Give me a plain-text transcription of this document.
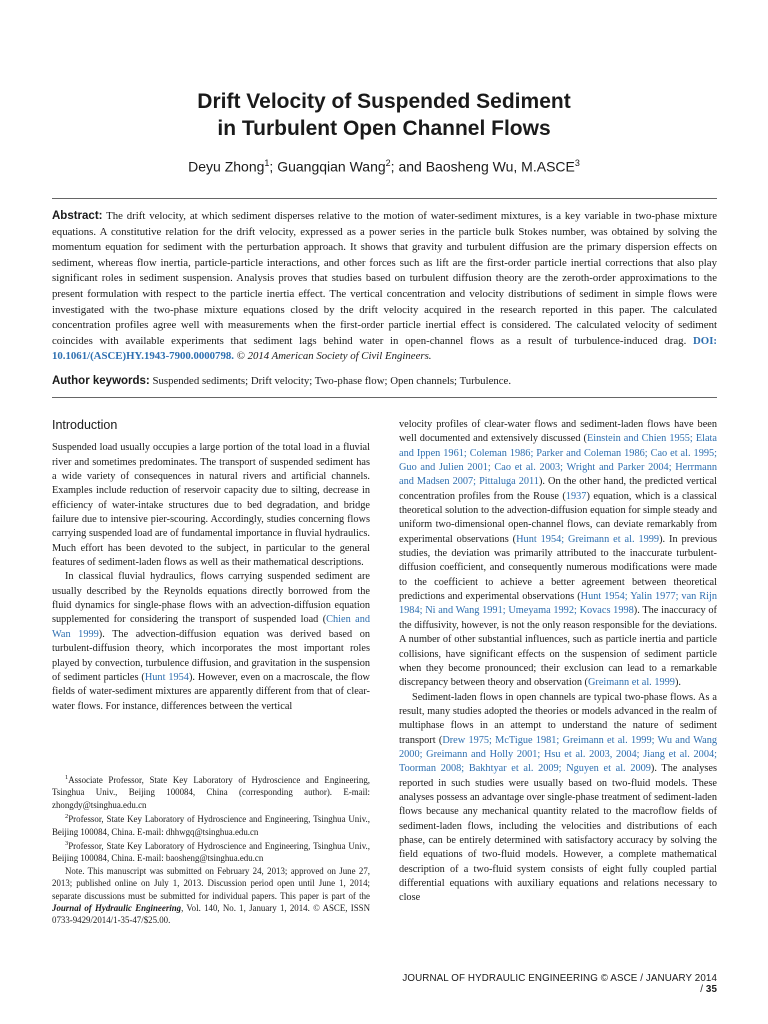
Drift Velocity of Suspended Sediment
in Turbulent Open Channel Flows
Deyu Zhong$^1$; Guangqian Wang$^2$; and Baosheng Wu, M.ASCE$^3$
Abstract: The drift velocity, at which sediment disperses relative to the motion of water-sediment mixtures, is a key variable in two-phase mixture equations. A constitutive relation for the drift velocity, expressed as a power series in the particle bulk Stokes number, was obtained by solving the momentum equation for sediment with the perturbation approach. It shows that gravity and turbulent diffusion are the primary dispersion effects on sediment, whereas flow inertia, particle-particle interactions, and other forces such as lift are the first-order particle inertial corrections that also play significant roles in sediment suspension. Analysis proves that studies based on turbulent diffusion theory are the zeroth-order approximations to the present formulation with respect to the particle inertia effect. The vertical concentration and velocity distributions of sediment in simple flows were investigated with the two-phase mixture equations closed by the drift velocity acquired in the research reported in this paper. The calculated concentration profiles agree well with measurements when the first-order particle inertial effect is considered. The calculated velocity of sediment coincides with available experiments that sediment lags behind water in open-channel flows as a result of turbulence-induced drag. DOI: 10.1061/(ASCE)HY.1943-7900.0000798. © 2014 American Society of Civil Engineers.
Author keywords: Suspended sediments; Drift velocity; Two-phase flow; Open channels; Turbulence.
Introduction

Suspended load usually occupies a large portion of the total load in a fluvial river and sometimes predominates. The transport of suspended sediment has a wide variety of consequences in natural rivers and artificial channels. Examples include reduction of reservoir capacity due to silting, decrease in efficiency of water-intake structures due to bed degradation, and bridge failure due to intensive pier-scouring. Accordingly, studies concerning flows carrying suspended load are of fundamental importance in fluvial hydraulics. Much effort has been devoted to the subject, in particular to the general features of sediment-laden flows as well as their mathematical descriptions.

In classical fluvial hydraulics, flows carrying suspended sediment are usually described by the Reynolds equations directly borrowed from the fluid dynamics for single-phase flows with an advection-diffusion equation supplemented for considering the transport of suspended load (Chien and Wan 1999). The advection-diffusion equation was derived based on turbulent-diffusion theory, which incorporates the most important roles played by convection, turbulence diffusion, and gravitation in the suspension of sediment particles (Hunt 1954). However, even on a macroscale, the flow fields of water-sediment mixtures are apparently different from that of clear-water flows. For instance, differences between the vertical

$^1$Associate Professor, State Key Laboratory of Hydroscience and Engineering, Tsinghua Univ., Beijing 100084, China (corresponding author). E-mail: zhongdy@tsinghua.edu.cn

$^2$Professor, State Key Laboratory of Hydroscience and Engineering, Tsinghua Univ., Beijing 100084, China. E-mail: dhhwgq@tsinghua.edu.cn

$^3$Professor, State Key Laboratory of Hydroscience and Engineering, Tsinghua Univ., Beijing 100084, China. E-mail: baosheng@tsinghua.edu.cn

Note. This manuscript was submitted on February 24, 2013; approved on June 27, 2013; published online on July 1, 2013. Discussion period open until June 1, 2014; separate discussions must be submitted for individual papers. This paper is part of the Journal of Hydraulic Engineering, Vol. 140, No. 1, January 1, 2014. © ASCE, ISSN 0733-9429/2014/1-35-47/$25.00.

velocity profiles of clear-water flows and sediment-laden flows have been well documented and extensively discussed (Einstein and Chien 1955; Elata and Ippen 1961; Coleman 1986; Parker and Coleman 1986; Cao et al. 1995; Guo and Julien 2001; Cao et al. 2003; Wright and Parker 2004; Herrmann and Madsen 2007; Pittaluga 2011). On the other hand, the predicted vertical concentration profiles from the Rouse (1937) equation, which is a classical theoretical solution to the advection-diffusion equation for simple steady and uniform two-dimensional open-channel flows, can deviate remarkably from experimental observations (Hunt 1954; Greimann et al. 1999). In previous studies, the deviation was primarily attributed to the inaccurate turbulent-diffusion coefficient, and consequently numerous modifications were made to the coefficient to achieve a better agreement between theoretical predictions and experimental observations (Hunt 1954; Yalin 1977; van Rijn 1984; Ni and Wang 1991; Umeyama 1992; Kovacs 1998). The inaccuracy of the diffusivity, however, is not the only reason responsible for the deviations. A number of other substantial influences, such as particle inertia and particle collisions, have significant effects on the suspension of sediment particle when they become pronounced; their exclusion can lead to a remarkable discrepancy between theory and observation (Greimann et al. 1999).

Sediment-laden flows in open channels are typical two-phase flows. As a result, many studies adopted the theories or models advanced in the realm of multiphase flows in an attempt to understand the nature of sediment transport (Drew 1975; McTigue 1981; Greimann et al. 1999; Wu and Wang 2000; Greimann and Holly 2001; Hsu et al. 2003, 2004; Jiang et al. 2004; Toorman 2008; Bakhtyar et al. 2009; Nguyen et al. 2009). The analyses reported in such studies were usually based on two-fluid models. These analyses possess an advantage over single-phase treatment of sediment-laden flows because any mechanical quantity related to the macroflow fields of sediment-laden flows, including the velocities and distributions of each phase, can be entirely determined with satisfactory accuracy by solving the field equations of two-fluid models. However, a complete mathematical description of a two-fluid system consists of eight fully coupled partial differential equations with auxiliary equations and relations necessary to close

JOURNAL OF HYDRAULIC ENGINEERING © ASCE / JANUARY 2014 / 35
